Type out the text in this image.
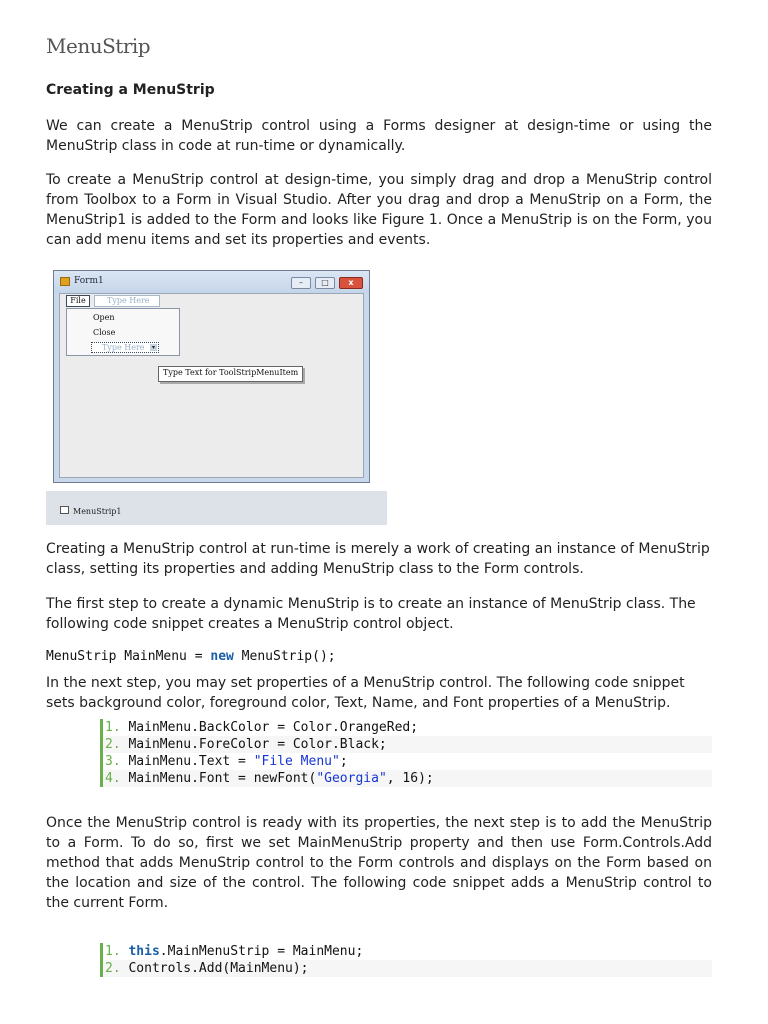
MenuStrip
Creating a MenuStrip

We can create a MenuStrip control using a Forms designer at design-time or using the MenuStrip class in code at run-time or dynamically.

To create a MenuStrip control at design-time, you simply drag and drop a MenuStrip control from Toolbox to a Form in Visual Studio. After you drag and drop a MenuStrip on a Form, the MenuStrip1 is added to the Form and looks like Figure 1. Once a MenuStrip is on the Form, you can add menu items and set its properties and events.

Form1	–	□	x
File	Type Here
Open
Close
Type Here	▾
Type Text for ToolStripMenuItem
MenuStrip1

Creating a MenuStrip control at run-time is merely a work of creating an instance of MenuStrip class, setting its properties and adding MenuStrip class to the Form controls.

The first step to create a dynamic MenuStrip is to create an instance of MenuStrip class. The following code snippet creates a MenuStrip control object.

MenuStrip MainMenu = new MenuStrip();

In the next step, you may set properties of a MenuStrip control. The following code snippet sets background color, foreground color, Text, Name, and Font properties of a MenuStrip.

1. MainMenu.BackColor = Color.OrangeRed;
2. MainMenu.ForeColor = Color.Black;
3. MainMenu.Text = "File Menu";
4. MainMenu.Font = newFont("Georgia", 16);

Once the MenuStrip control is ready with its properties, the next step is to add the MenuStrip to a Form. To do so, first we set MainMenuStrip property and then use Form.Controls.Add method that adds MenuStrip control to the Form controls and displays on the Form based on the location and size of the control. The following code snippet adds a MenuStrip control to the current Form.

1. this.MainMenuStrip = MainMenu;
2. Controls.Add(MainMenu);
